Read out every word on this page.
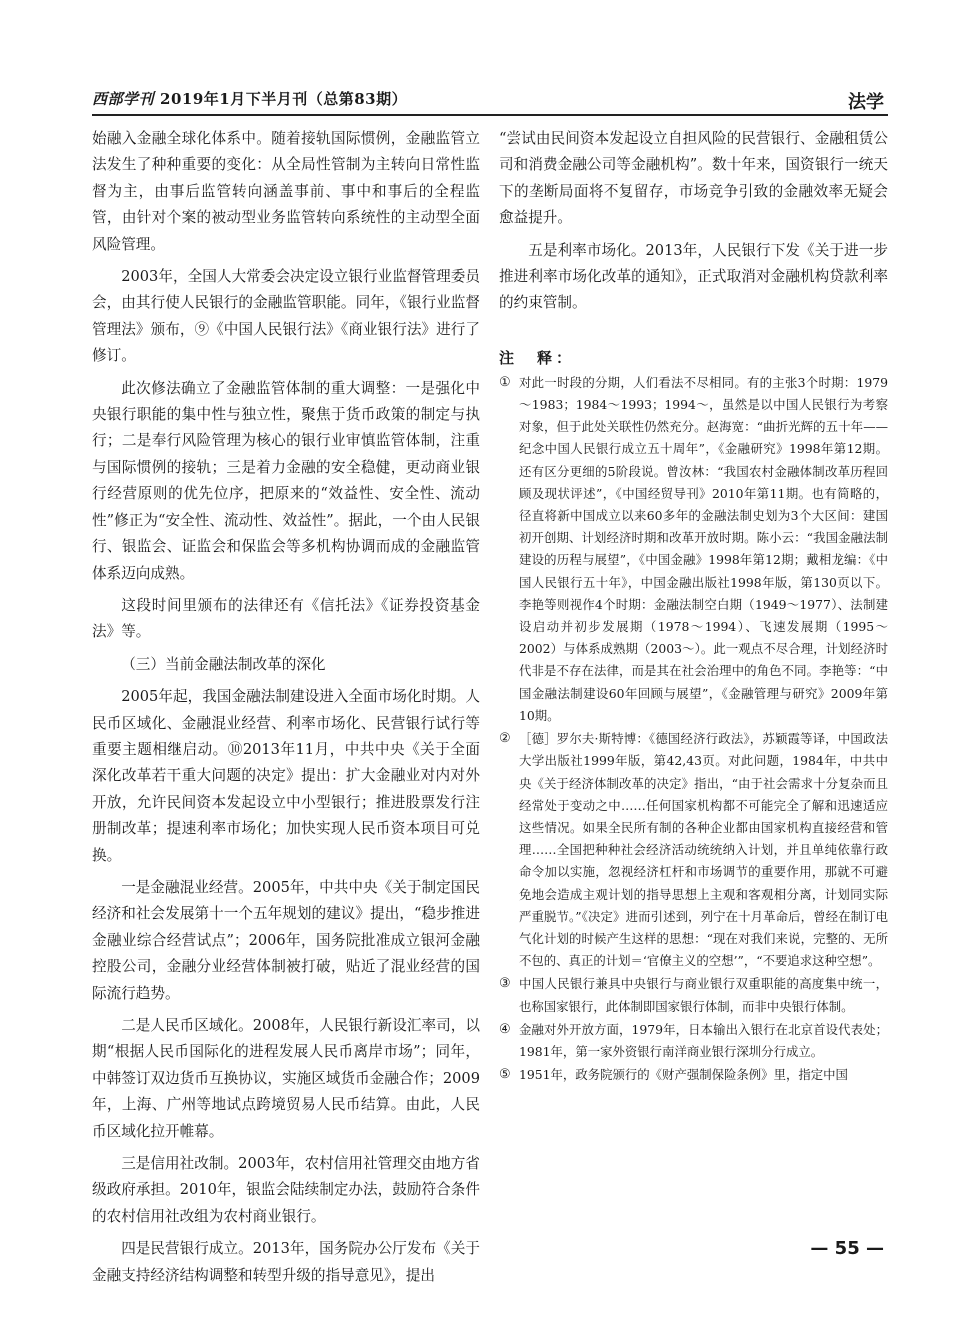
西部学刊 2019年1月下半月刊（总第83期）	法学

始融入金融全球化体系中。随着接轨国际惯例，金融监管立法发生了种种重要的变化：从全局性管制为主转向日常性监督为主，由事后监管转向涵盖事前、事中和事后的全程监管，由针对个案的被动型业务监管转向系统性的主动型全面风险管理。

2003年，全国人大常委会决定设立银行业监督管理委员会，由其行使人民银行的金融监管职能。同年，《银行业监督管理法》颁布，⑨《中国人民银行法》《商业银行法》进行了修订。

此次修法确立了金融监管体制的重大调整：一是强化中央银行职能的集中性与独立性，聚焦于货币政策的制定与执行；二是奉行风险管理为核心的银行业审慎监管体制，注重与国际惯例的接轨；三是着力金融的安全稳健，更动商业银行经营原则的优先位序，把原来的“效益性、安全性、流动性”修正为“安全性、流动性、效益性”。据此，一个由人民银行、银监会、证监会和保监会等多机构协调而成的金融监管体系迈向成熟。

这段时间里颁布的法律还有《信托法》《证券投资基金法》等。

（三）当前金融法制改革的深化

2005年起，我国金融法制建设进入全面市场化时期。人民币区域化、金融混业经营、利率市场化、民营银行试行等重要主题相继启动。⑩2013年11月，中共中央《关于全面深化改革若干重大问题的决定》提出：扩大金融业对内对外开放，允许民间资本发起设立中小型银行；推进股票发行注册制改革；提速利率市场化；加快实现人民币资本项目可兑换。

一是金融混业经营。2005年，中共中央《关于制定国民经济和社会发展第十一个五年规划的建议》提出，“稳步推进金融业综合经营试点”；2006年，国务院批准成立银河金融控股公司，金融分业经营体制被打破，贴近了混业经营的国际流行趋势。

二是人民币区域化。2008年，人民银行新设汇率司，以期“根据人民币国际化的进程发展人民币离岸市场”；同年，中韩签订双边货币互换协议，实施区域货币金融合作；2009年，上海、广州等地试点跨境贸易人民币结算。由此，人民币区域化拉开帷幕。

三是信用社改制。2003年，农村信用社管理交由地方省级政府承担。2010年，银监会陆续制定办法，鼓励符合条件的农村信用社改组为农村商业银行。

四是民营银行成立。2013年，国务院办公厅发布《关于金融支持经济结构调整和转型升级的指导意见》，提出

“尝试由民间资本发起设立自担风险的民营银行、金融租赁公司和消费金融公司等金融机构”。数十年来，国资银行一统天下的垄断局面将不复留存，市场竞争引致的金融效率无疑会愈益提升。

五是利率市场化。2013年，人民银行下发《关于进一步推进利率市场化改革的通知》，正式取消对金融机构贷款利率的约束管制。

注　释：
① 对此一时段的分期，人们看法不尽相同。有的主张3个时期：1979～1983；1984～1993；1994～，虽然是以中国人民银行为考察对象，但于此处关联性仍然充分。赵海宽：“曲折光辉的五十年——纪念中国人民银行成立五十周年”，《金融研究》1998年第12期。还有区分更细的5阶段说。曾汝林：“我国农村金融体制改革历程回顾及现状评述”，《中国经贸导刊》2010年第11期。也有简略的，径直将新中国成立以来60多年的金融法制史划为3个大区间：建国初开创期、计划经济时期和改革开放时期。陈小云：“我国金融法制建设的历程与展望”，《中国金融》1998年第12期；戴相龙编：《中国人民银行五十年》，中国金融出版社1998年版，第130页以下。李艳等则视作4个时期：金融法制空白期（1949～1977）、法制建设启动并初步发展期（1978～1994）、飞速发展期（1995～2002）与体系成熟期（2003～）。此一观点不尽合理，计划经济时代非是不存在法律，而是其在社会治理中的角色不同。李艳等：“中国金融法制建设60年回顾与展望”，《金融管理与研究》2009年第10期。
② ［德］罗尔夫·斯特博：《德国经济行政法》，苏颖霞等译，中国政法大学出版社1999年版，第42,43页。对此问题，1984年，中共中央《关于经济体制改革的决定》指出，“由于社会需求十分复杂而且经常处于变动之中……任何国家机构都不可能完全了解和迅速适应这些情况。如果全民所有制的各种企业都由国家机构直接经营和管理……全国把种种社会经济活动统统纳入计划，并且单纯依靠行政命令加以实施，忽视经济杠杆和市场调节的重要作用，那就不可避免地会造成主观计划的指导思想上主观和客观相分离，计划同实际严重脱节。”《决定》进而引述到，列宁在十月革命后，曾经在制订电气化计划的时候产生这样的思想：“现在对我们来说，完整的、无所不包的、真正的计划＝‘官僚主义的空想’”，“不要追求这种空想”。
③ 中国人民银行兼具中央银行与商业银行双重职能的高度集中统一，也称国家银行，此体制即国家银行体制，而非中央银行体制。
④ 金融对外开放方面，1979年，日本输出入银行在北京首设代表处；1981年，第一家外资银行南洋商业银行深圳分行成立。
⑤ 1951年，政务院颁行的《财产强制保险条例》里，指定中国
— 55 —
